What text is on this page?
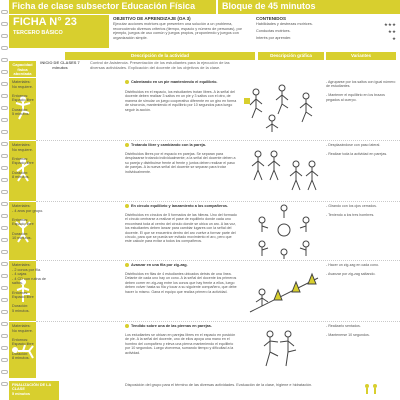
Ficha de clase subsector Educación Física	Bloque de 45 minutos
FICHA N° 23
TERCERO BÁSICO
OBJETIVO DE APRENDIZAJE (OA 3)
Ejecutar acciones motrices que presenten una solución a un problema, reconociendo diversos criterios (tiempo, espacio y número de personas), por ejemplo, juegos de uso común y juegos propios, proponiendo y juegos con organización simple.
CONTENIDOS
Habilidades y destrezas motrices.	★★★
Conductas motrices.	★★
Interés por aprender.	★
Descripción de la actividad	Descripción gráfica	Variantes
Capacidad física abordada
INICIO DE CLASES 7 minutos
Control de Asistencia. Presentación de los estudiantes para la ejecución de las diversas actividades. Explicación del docente de los objetivos de la clase.
Materiales:
No requiere.

Entornos:
Espacio libre

Duración:
5 minutos.
Calentando en un pie manteniendo el equilibrio.
Distribuidos en el espacio, los estudiantes trotan libres. A la señal del docente deben realizar 3 saltos en un pie y 3 saltos con el otro, de manera de simular un juego cooperativo diferente en un giro en forma de sincronía, manteniendo el equilibrio por 10 segundos para luego seguir la acción.
- Agruparse por los saltos con igual número de estudiantes.

- Mantener el equilibrio en los brazos pegados al cuerpo.
Materiales:
No requiere.

Entornos:
Espacio libre

Duración:
8 minutos.
Trotando libre y cambiando con la pareja.
Distribuidos libres por el espacio en parejas. Se separan para desplazarse trotando individualmente; a la señal del docente deben a su pareja y distribuirse frente al frente y juntos deben realizar el paso de parejas. A la nueva señal del docente se separan para trotar individualmente.
- Desplazándose con paso lateral.

- Realizar toda la actividad en parejas.
Materiales:
- 4 aros por grupo.

Entornos:
Espacio libre

Duración:
10 minutos.
En círculo equilibrio y lanzamiento a los compañeros.
Distribuidos en círculos de 5 formados de las hileras. Uno del formado el círculo centrarse a realizar el pase de equilibrio donde cada uno encontrará toda al centro del círculo donde se ubica un aro. A las voz, los estudiantes deben lanzar para cambiar lugares con la señal del docente. El que se encuentra dentro del aro vuelve a formar parte del círculo, para que se pueda ser evitado movimiento el aro, pero que este calcule para evitar a todos los compañeros.
- Girando con los ojos cerrados.

- Teniendo a los tres hombres.
Materiales:
- 2 conos por fila.
- 4 cajas
- 4 CD con rutina de saltos.

Entornos:
Espacio libre

Duración:
5 minutos.
Avanzar en una fila por zig-zag.
Distribuidos en filas de 4 estudiantes ubicados detrás de una línea. Delante de cada uno hay un cono. A la señal del docente los primeros deben correr en zig-zag entre los conos que hay frente a ellos, luego deben volver hasta su fila y tocar a su siguiente compañero, que debe hacer lo mismo. Gana el equipo que realiza primero la actividad.
- Hacer un zig-zag en cada cono.

- Avanzar por zig-zag saltando.
Materiales:
No requiere.

Entornos:
Espacio libre

Duración:
8 minutos.
Tendido sobre una de las piernas en parejas.
Los estudiantes se ubican en parejas libres en el espacio en posición de pie. A la señal del docente, uno de ellos apoya una mano en el hombro del compañero y eleva una pierna manteniendo el equilibrio por 10 segundos. Luego viceversa, sumando tiempo y dificultad a la actividad.
- Realizarlo sentados.

- Mantenerse 10 segundos.
FINALIZACIÓN DE LA CLASE
5 minutos
Disposición del grupo para el término de las diversas actividades. Evaluación de la clase, higiene e hidratación.
